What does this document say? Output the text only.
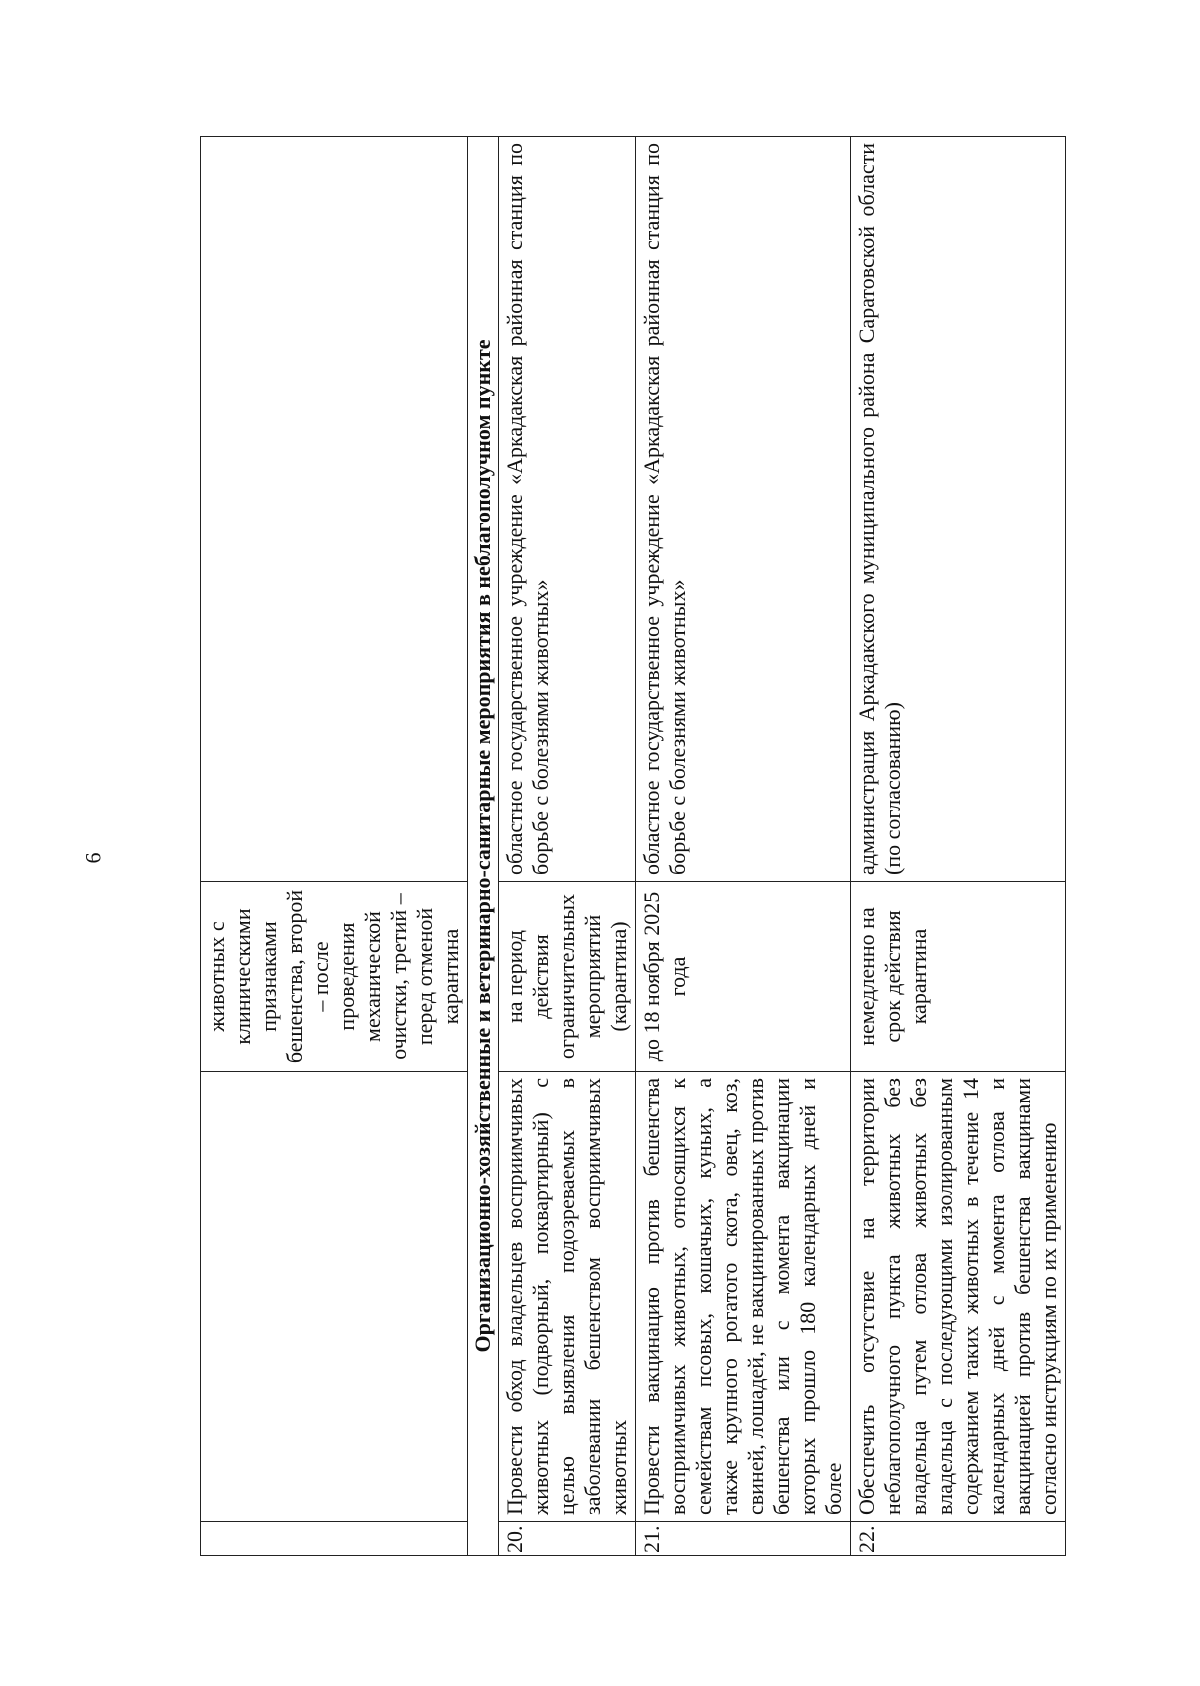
6
		животных с клиническими признаками бешенства, второй – после проведения механической очистки, третий – перед отменой карантина	
Организационно-хозяйственные и ветеринарно-санитарные мероприятия в неблагополучном пункте			
20.	Провести обход владельцев восприимчивых животных (подворный, поквартирный) с целью выявления подозреваемых в заболевании бешенством восприимчивых животных	на период действия ограничительных мероприятий (карантина)	областное государственное учреждение «Аркадакская районная станция по борьбе с болезнями животных»
21.	Провести вакцинацию против бешенства восприимчивых животных, относящихся к семействам псовых, кошачьих, куньих, а также крупного рогатого скота, овец, коз, свиней, лошадей, не вакцинированных против бешенства или с момента вакцинации которых прошло 180 календарных дней и более	до 18 ноября 2025 года	областное государственное учреждение «Аркадакская районная станция по борьбе с болезнями животных»
22.	Обеспечить отсутствие на территории неблагополучного пункта животных без владельца путем отлова животных без владельца с последующими изолированным содержанием таких животных в течение 14 календарных дней с момента отлова и вакцинацией против бешенства вакцинами согласно инструкциям по их применению	немедленно на срок действия карантина	администрация Аркадакского муниципального района Саратовской области (по согласованию)
